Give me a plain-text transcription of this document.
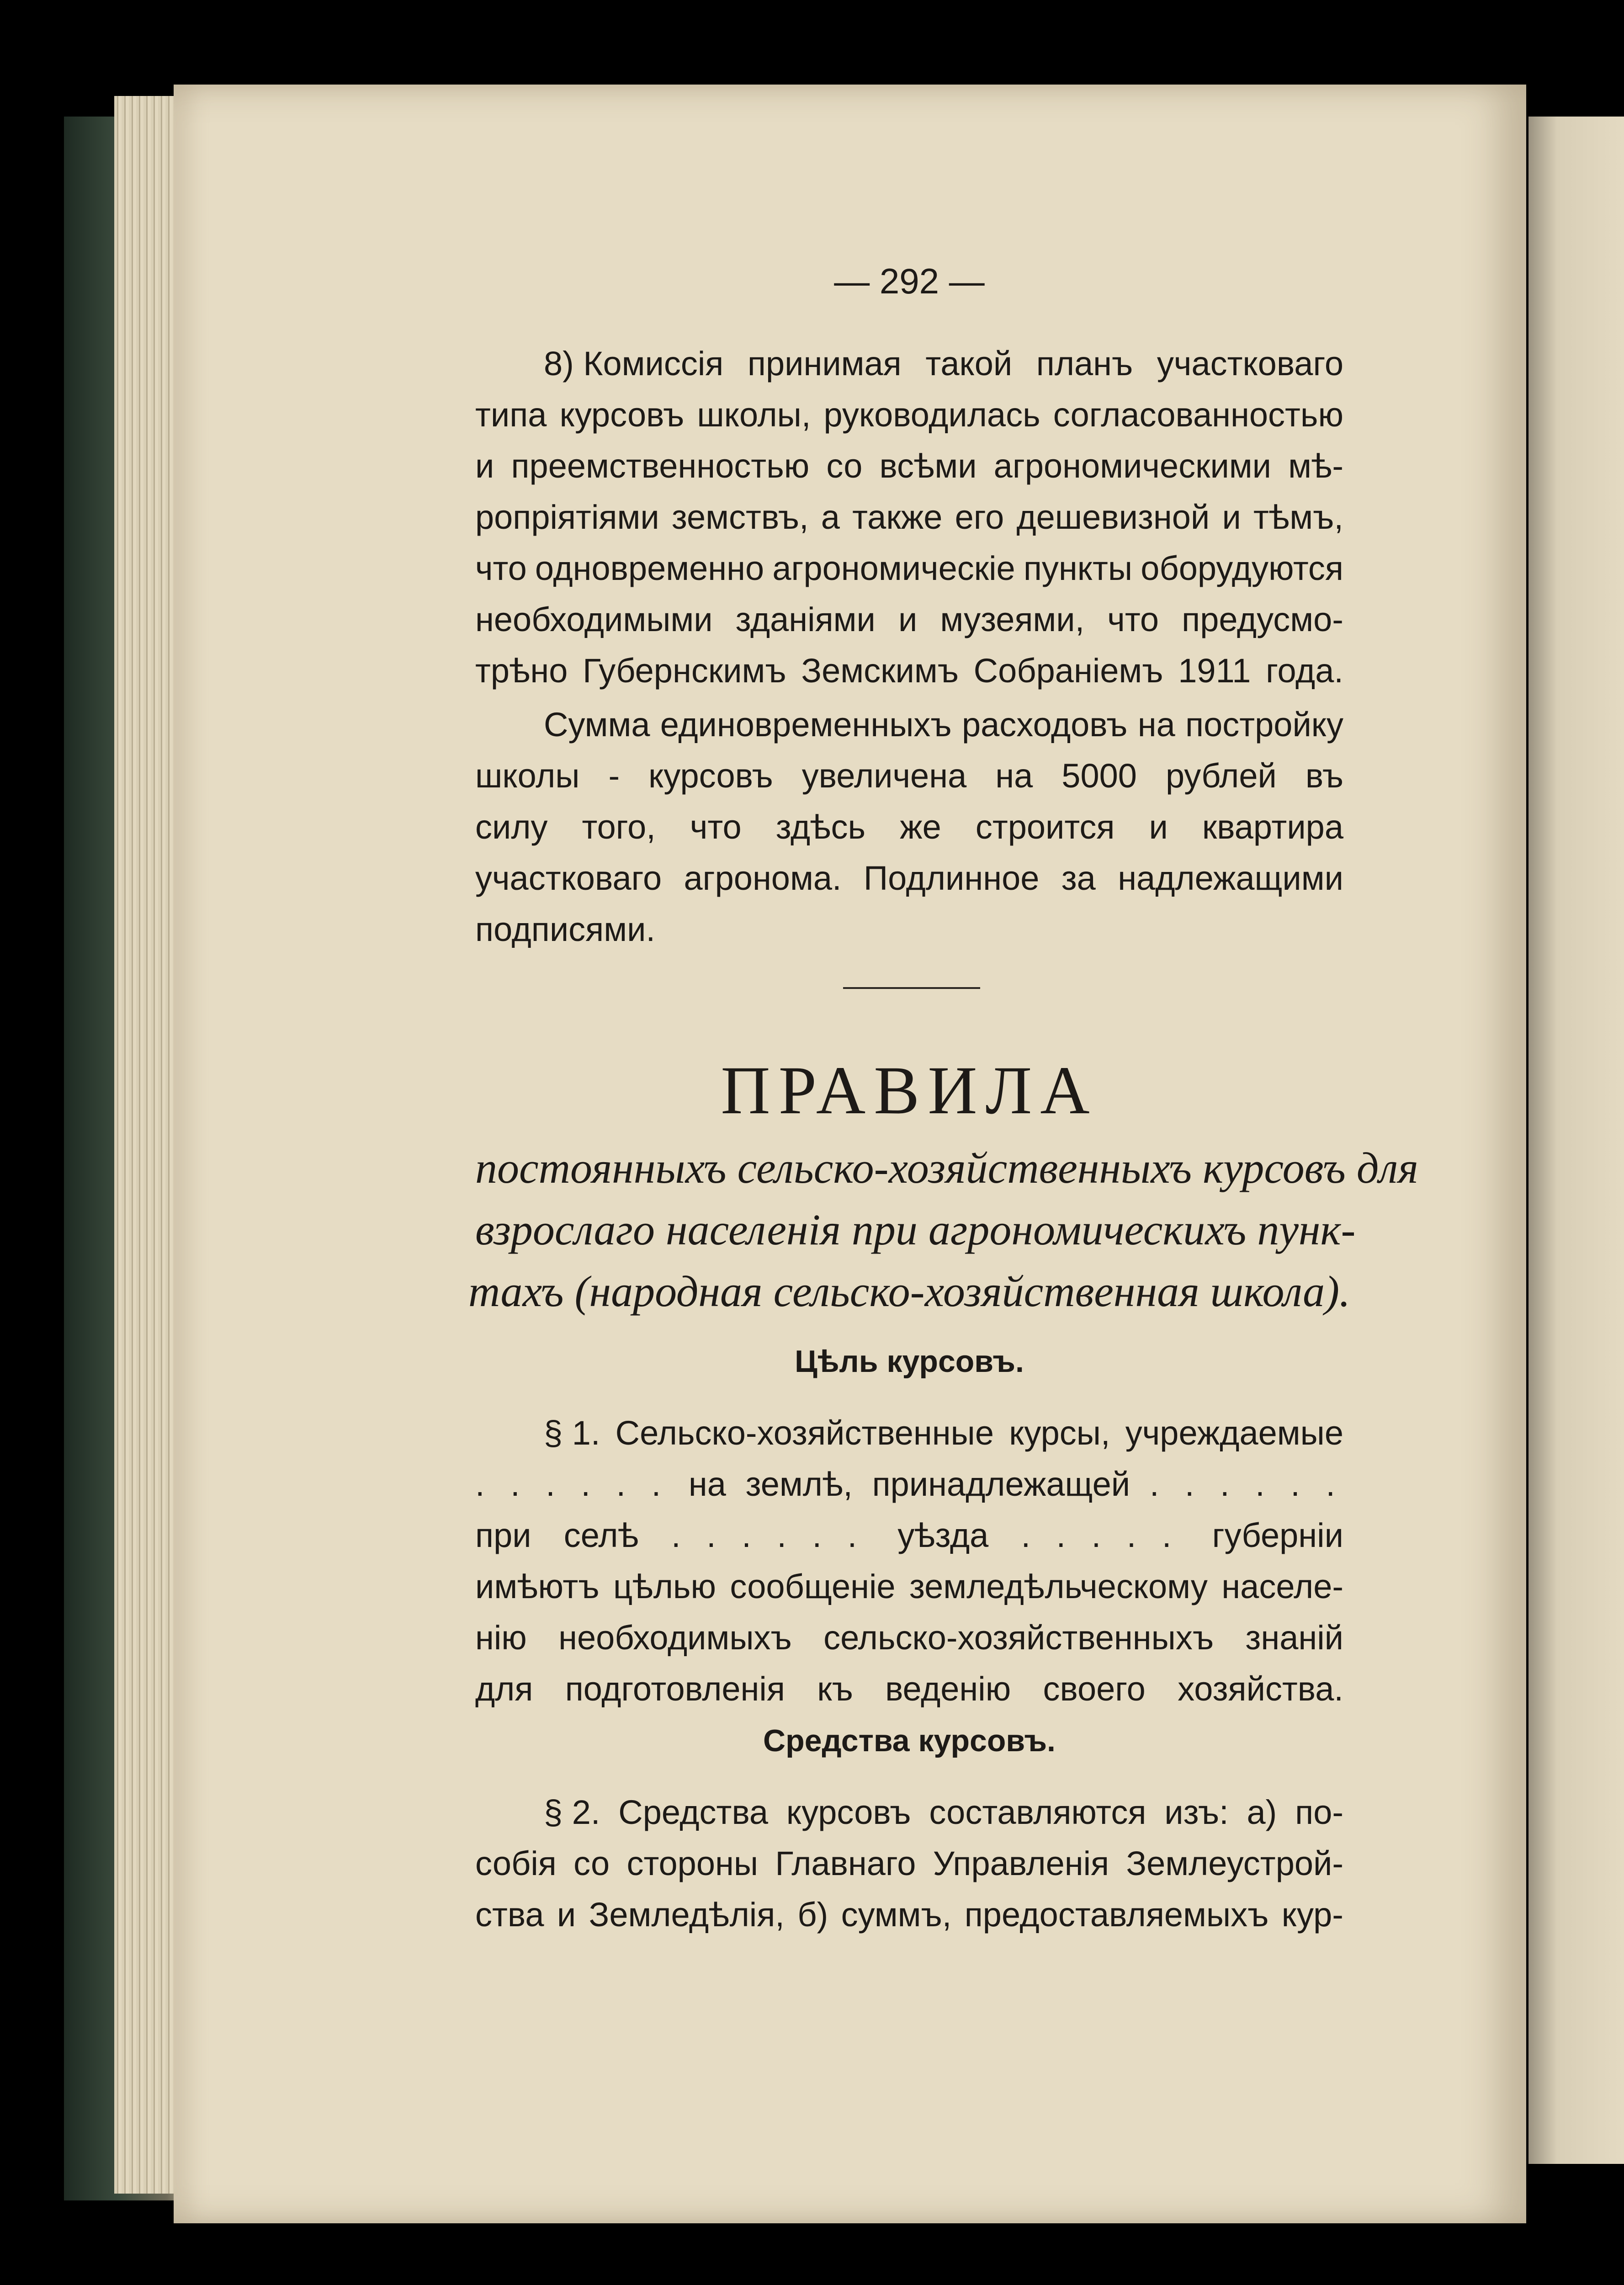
— 292 —
8) Комиссія принимая такой планъ участковаго
типа курсовъ школы, руководилась согласованностью
и преемственностью со всѣми агрономическими мѣ-
ропріятіями земствъ, а также его дешевизной и тѣмъ,
что одновременно агрономическіе пункты оборудуются
необходимыми зданіями и музеями, что предусмо-
трѣно Губернскимъ Земскимъ Собраніемъ 1911 года.
Сумма единовременныхъ расходовъ на постройку
школы - курсовъ увеличена на 5000 рублей въ
силу того, что здѣсь же строится и квартира
участковаго агронома. Подлинное за надлежащими
подписями.
ПРАВИЛА
постоянныхъ сельско-хозяйственныхъ курсовъ для
взрослаго населенія при агрономическихъ пунк-
тахъ (народная сельско-хозяйственная школа).
Цѣль курсовъ.
§ 1. Сельско-хозяйственные курсы, учреждаемые
. . . . . . на землѣ, принадлежащей . . . . . .
при селѣ . . . . . . уѣзда . . . . . губерніи
имѣютъ цѣлью сообщеніе земледѣльческому населе-
нію необходимыхъ сельско-хозяйственныхъ знаній
для подготовленія къ веденію своего хозяйства.
Средства курсовъ.
§ 2. Средства курсовъ составляются изъ: а) по-
собія со стороны Главнаго Управленія Землеустрой-
ства и Земледѣлія, б) суммъ, предоставляемыхъ кур-
